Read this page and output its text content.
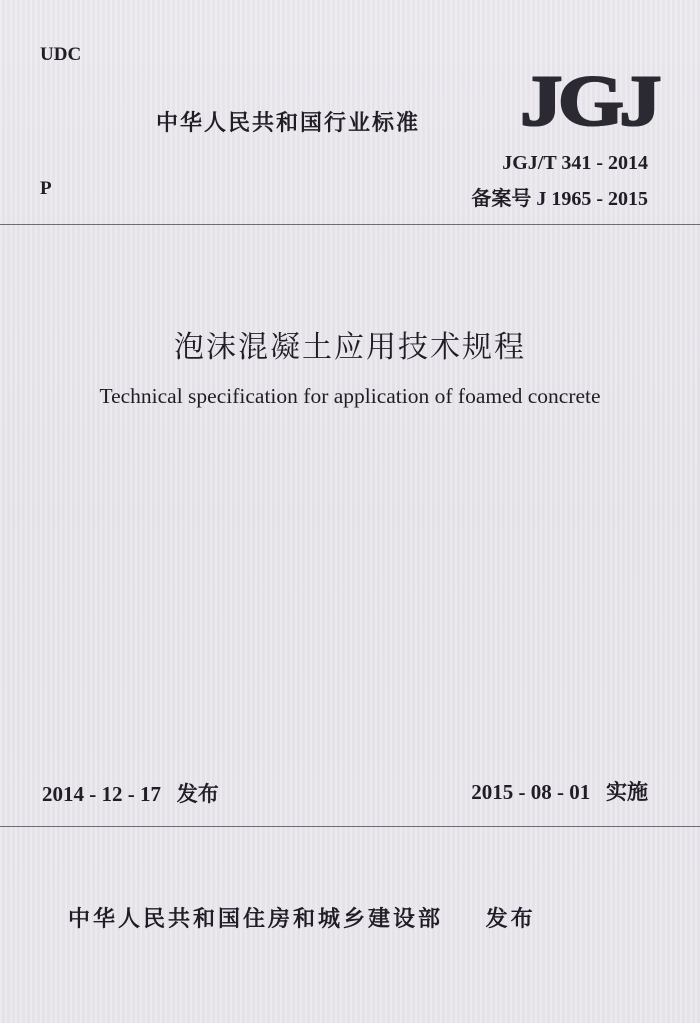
UDC
P
中华人民共和国行业标准 JGJ
JGJ/T 341 - 2014
备案号 J 1965 - 2015
泡沫混凝土应用技术规程
Technical specification for application of foamed concrete
2014 - 12 - 17   发布	2015 - 08 - 01   实施
中华人民共和国住房和城乡建设部    发布
